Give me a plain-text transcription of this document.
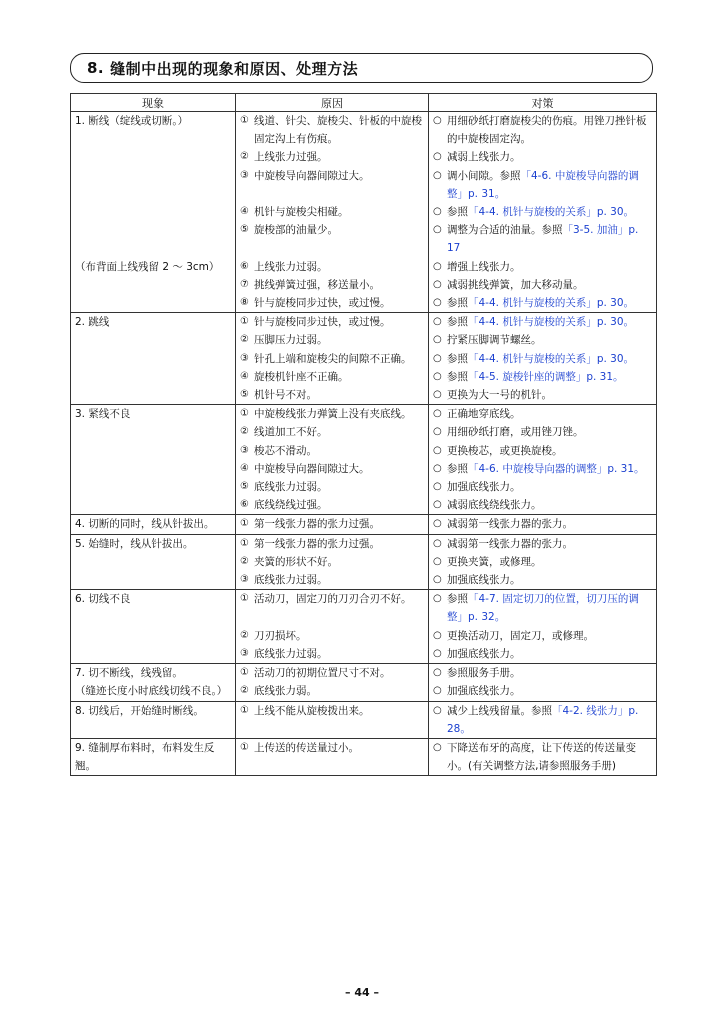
8. 缝制中出现的现象和原因、处理方法
现象	原因	对策
1. 断线（绽线或切断。）	① 线道、针尖、旋梭尖、针板的中旋梭固定沟上有伤痕。	○ 用细砂纸打磨旋梭尖的伤痕。用锉刀挫针板的中旋梭固定沟。

	② 上线张力过强。	○ 减弱上线张力。

	③ 中旋梭导向器间隙过大。	○ 调小间隙。参照「4-6. 中旋梭导向器的调整」p. 31。

	④ 机针与旋梭尖相碰。	○ 参照「4-4. 机针与旋梭的关系」p. 30。

	⑤ 旋梭部的油量少。	○ 调整为合适的油量。参照「3-5. 加油」p. 17

（布背面上线残留 2 ～ 3cm）	⑥ 上线张力过弱。	○ 增强上线张力。

	⑦ 挑线弹簧过强，移送量小。	○ 减弱挑线弹簧，加大移动量。

	⑧ 针与旋梭同步过快，或过慢。	○ 参照「4-4. 机针与旋梭的关系」p. 30。

2. 跳线	① 针与旋梭同步过快，或过慢。	○ 参照「4-4. 机针与旋梭的关系」p. 30。

	② 压脚压力过弱。	○ 拧紧压脚调节螺丝。

	③ 针孔上端和旋梭尖的间隙不正确。	○ 参照「4-4. 机针与旋梭的关系」p. 30。

	④ 旋梭机针座不正确。	○ 参照「4-5. 旋梭针座的调整」p. 31。

	⑤ 机针号不对。	○ 更换为大一号的机针。

3. 紧线不良	① 中旋梭线张力弹簧上没有夹底线。	○ 正确地穿底线。

	② 线道加工不好。	○ 用细砂纸打磨，或用锉刀锉。

	③ 梭芯不滑动。	○ 更换梭芯，或更换旋梭。

	④ 中旋梭导向器间隙过大。	○ 参照「4-6. 中旋梭导向器的调整」p. 31。

	⑤ 底线张力过弱。	○ 加强底线张力。

	⑥ 底线绕线过强。	○ 减弱底线绕线张力。

4. 切断的同时，线从针拔出。	① 第一线张力器的张力过强。	○ 减弱第一线张力器的张力。

5. 始缝时，线从针拔出。	① 第一线张力器的张力过强。	○ 减弱第一线张力器的张力。

	② 夹簧的形状不好。	○ 更换夹簧，或修理。

	③ 底线张力过弱。	○ 加强底线张力。

6. 切线不良	① 活动刀，固定刀的刀刃合刃不好。	○ 参照「4-7. 固定切刀的位置，切刀压的调整」p. 32。

	② 刀刃损坏。	○ 更换活动刀，固定刀，或修理。

	③ 底线张力过弱。	○ 加强底线张力。

7. 切不断线，线残留。	① 活动刀的初期位置尺寸不对。	○ 参照服务手册。

（缝迹长度小时底线切线不良。）	② 底线张力弱。	○ 加强底线张力。

8. 切线后，开始缝时断线。	① 上线不能从旋梭拨出来。	○ 减少上线残留量。参照「4-2. 线张力」p. 28。

9. 缝制厚布料时，布料发生反翘。	① 上传送的传送量过小。	○ 下降送布牙的高度，让下传送的传送量变小。(有关调整方法,请参照服务手册)
– 44 –
